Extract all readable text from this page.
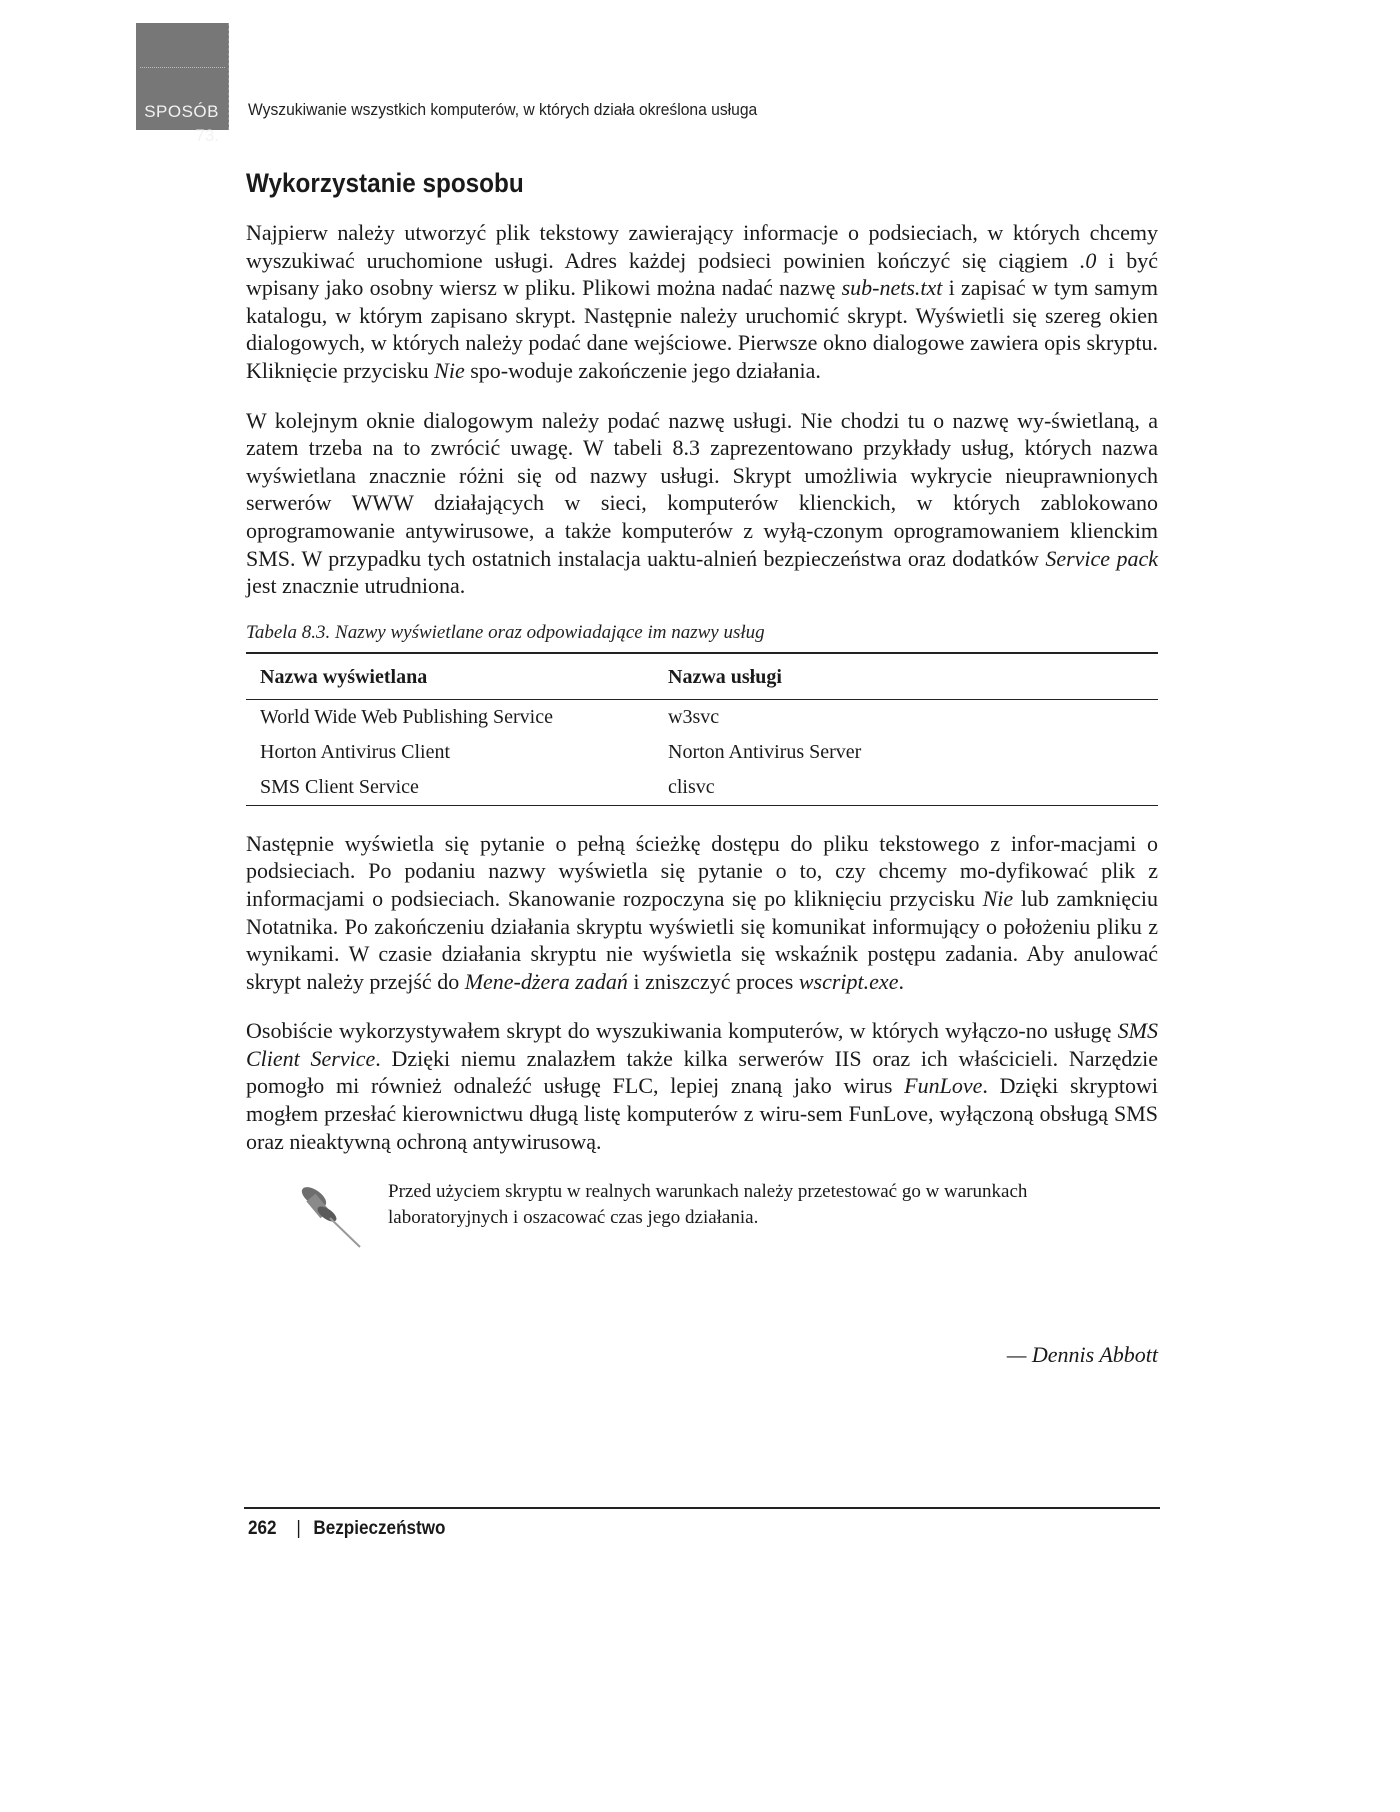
SPOSÓB
73.
Wyszukiwanie wszystkich komputerów, w których działa określona usługa
Wykorzystanie sposobu

Najpierw należy utworzyć plik tekstowy zawierający informacje o podsieciach, w których chcemy wyszukiwać uruchomione usługi. Adres każdej podsieci powinien kończyć się ciągiem .0 i być wpisany jako osobny wiersz w pliku. Plikowi można nadać nazwę sub-nets.txt i zapisać w tym samym katalogu, w którym zapisano skrypt. Następnie należy uruchomić skrypt. Wyświetli się szereg okien dialogowych, w których należy podać dane wejściowe. Pierwsze okno dialogowe zawiera opis skryptu. Kliknięcie przycisku Nie spo-woduje zakończenie jego działania.

W kolejnym oknie dialogowym należy podać nazwę usługi. Nie chodzi tu o nazwę wy-świetlaną, a zatem trzeba na to zwrócić uwagę. W tabeli 8.3 zaprezentowano przykłady usług, których nazwa wyświetlana znacznie różni się od nazwy usługi. Skrypt umożliwia wykrycie nieuprawnionych serwerów WWW działających w sieci, komputerów klienckich, w których zablokowano oprogramowanie antywirusowe, a także komputerów z wyłą-czonym oprogramowaniem klienckim SMS. W przypadku tych ostatnich instalacja uaktu-alnień bezpieczeństwa oraz dodatków Service pack jest znacznie utrudniona.

Tabela 8.3. Nazwy wyświetlane oraz odpowiadające im nazwy usług
Nazwa wyświetlana	Nazwa usługi
World Wide Web Publishing Service	w3svc
Horton Antivirus Client	Norton Antivirus Server
SMS Client Service	clisvc

Następnie wyświetla się pytanie o pełną ścieżkę dostępu do pliku tekstowego z infor-macjami o podsieciach. Po podaniu nazwy wyświetla się pytanie o to, czy chcemy mo-dyfikować plik z informacjami o podsieciach. Skanowanie rozpoczyna się po kliknięciu przycisku Nie lub zamknięciu Notatnika. Po zakończeniu działania skryptu wyświetli się komunikat informujący o położeniu pliku z wynikami. W czasie działania skryptu nie wyświetla się wskaźnik postępu zadania. Aby anulować skrypt należy przejść do Mene-dżera zadań i zniszczyć proces wscript.exe.

Osobiście wykorzystywałem skrypt do wyszukiwania komputerów, w których wyłączo-no usługę SMS Client Service. Dzięki niemu znalazłem także kilka serwerów IIS oraz ich właścicieli. Narzędzie pomogło mi również odnaleźć usługę FLC, lepiej znaną jako wirus FunLove. Dzięki skryptowi mogłem przesłać kierownictwu długą listę komputerów z wiru-sem FunLove, wyłączoną obsługą SMS oraz nieaktywną ochroną antywirusową.

Przed użyciem skryptu w realnych warunkach należy przetestować go w warunkach laboratoryjnych i oszacować czas jego działania.
— Dennis Abbott
262 | Bezpieczeństwo
